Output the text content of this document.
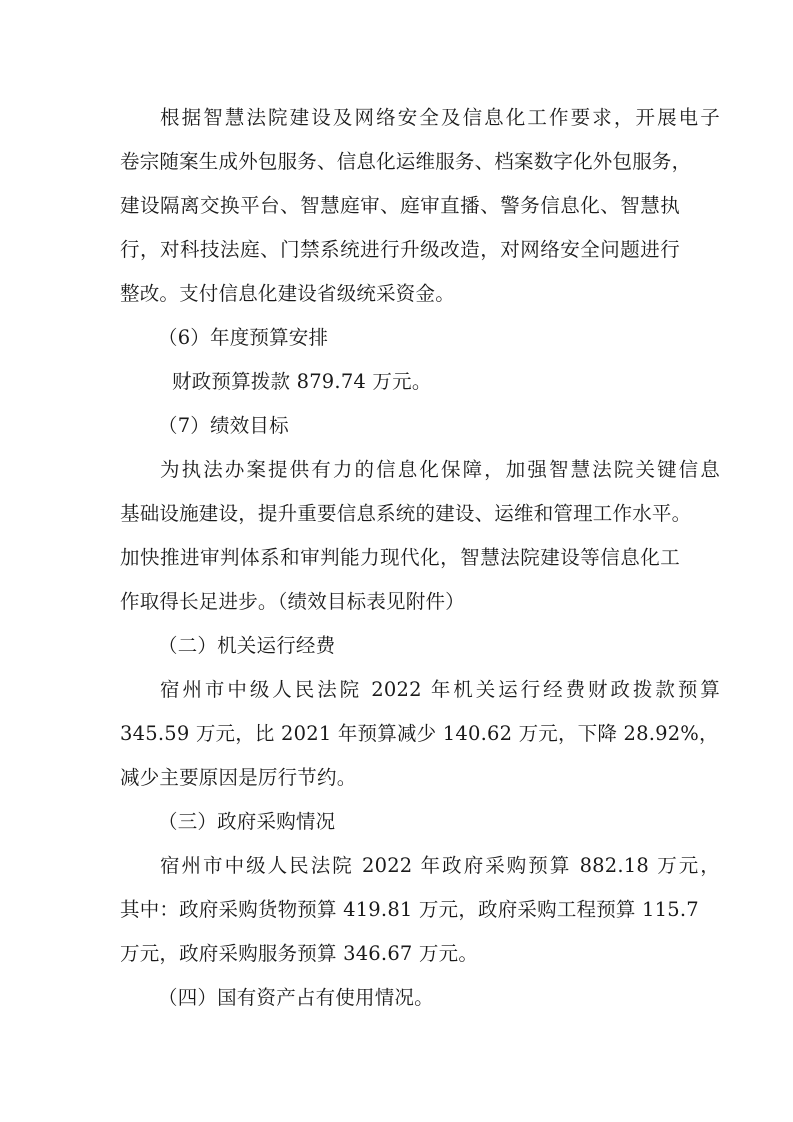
根据智慧法院建设及网络安全及信息化工作要求，开展电子
卷宗随案生成外包服务、信息化运维服务、档案数字化外包服务，
建设隔离交换平台、智慧庭审、庭审直播、警务信息化、智慧执
行，对科技法庭、门禁系统进行升级改造，对网络安全问题进行
整改。支付信息化建设省级统采资金。
（6）年度预算安排
财政预算拨款 879.74 万元。
（7）绩效目标
为执法办案提供有力的信息化保障，加强智慧法院关键信息
基础设施建设，提升重要信息系统的建设、运维和管理工作水平。
加快推进审判体系和审判能力现代化，智慧法院建设等信息化工
作取得长足进步。（绩效目标表见附件）
（二）机关运行经费
宿州市中级人民法院 2022 年机关运行经费财政拨款预算
345.59 万元，比 2021 年预算减少 140.62 万元，下降 28.92%，
减少主要原因是厉行节约。
（三）政府采购情况
宿州市中级人民法院 2022 年政府采购预算 882.18 万元，
其中：政府采购货物预算 419.81 万元，政府采购工程预算 115.7
万元，政府采购服务预算 346.67 万元。
（四）国有资产占有使用情况。
